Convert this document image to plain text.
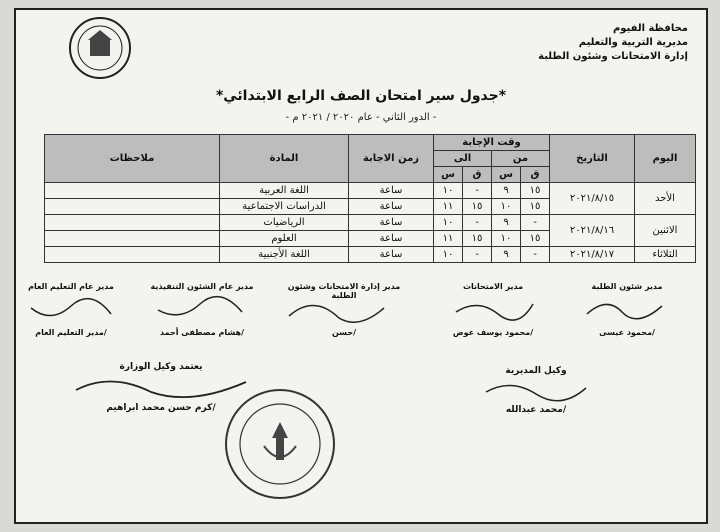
محافظة الفيوم
مديرية التربية والتعليم
إدارة الامتحانات وشئون الطلبة
*جدول سير امتحان الصف الرابع الابتدائي*
- الدور الثاني - عام ٢٠٢٠ / ٢٠٢١ م -
اليوم	التاريخ	وقت الإجابة				زمن الاجابة	المادة	ملاحظات
		من		الى				
		ق	س	ق	س			
الأحد	٢٠٢١/٨/١٥	١٥	٩	-	١٠	ساعة	اللغة العربية	
		١٥	١٠	١٥	١١	ساعة	الدراسات الاجتماعية	
الاثنين	٢٠٢١/٨/١٦	-	٩	-	١٠	ساعة	الرياضيات	
		١٥	١٠	١٥	١١	ساعة	العلوم	
الثلاثاء	٢٠٢١/٨/١٧	-	٩	-	١٠	ساعة	اللغة الأجنبية	
مدير شئون الطلبة
/محمود عيسى
مدير الامتحانات
/محمود يوسف عوض
مدير إدارة الامتحانات وشئون الطلبة
/حسن
مدير عام الشئون التنفيذية
/هشام مصطفى أحمد
مدير عام التعليم العام
/مدير التعليم العام
وكيل المديرية
/محمد عبدالله
يعتمد وكيل الوزارة
/كرم حسن محمد ابراهيم
